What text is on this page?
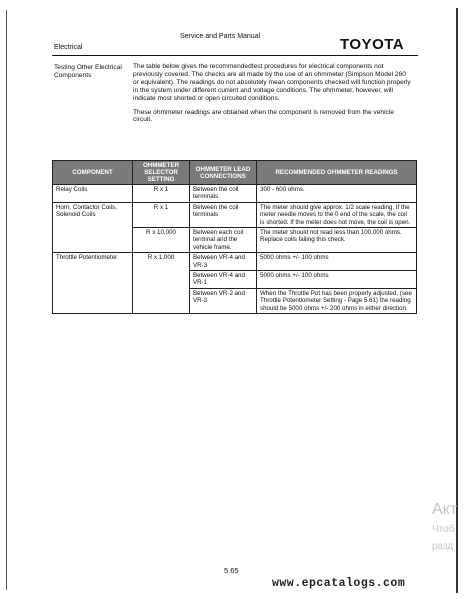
Service and Parts Manual
Electrical	TOYOTA
Testing Other Electrical Components

The table below gives the recommendedtest procedures for electrical components not previously covered. The checks are all made by the use of an ohmmeter (Simpson Model 260 or equivalent). The readings do not absolutely mean components checked will function properly in the system under different current and voltage conditions. The ohmmeter, however, will indicate most shorted or open circuited conditions.

These ohmmeter readings are obtained when the component is removed from the vehicle circuit.

COMPONENT	OHMMETER SELECTOR SETTING	OHMMETER LEAD CONNECTIONS	RECOMMENDED OHMMETER READINGS
Relay Coils	R x 1	Between the coil terminals	300 - 600 ohms.
Horn, Contactor Coils, Solenoid Coils	R x 1	Between the coil terminals	The meter should give approx. 1/2 scale reading. If the meter needle moves to the 0 end of the scale, the coil is shorted. If the meter does not move, the coil is open.
	R x 10,000	Between each coil terminal and the vehicle frame.	The meter should not read less than 100,000 ohms. Replace coils failing this check.
Throttle Potentiometer	R x 1,000	Between VR-4 and VR-3	5000 ohms +/- 100 ohms
		Between VR-4 and VR-1	5000 ohms +/- 100 ohms
		Between VR-2 and VR-3	When the Throttle Pot has been properly adjusted, (see Throttle Potentiometer Setting - Page 5.61) the reading should be 5000 ohms +/- 200 ohms in either direction.
5.65
www.epcatalogs.com
Акт
Чтоб
разд
